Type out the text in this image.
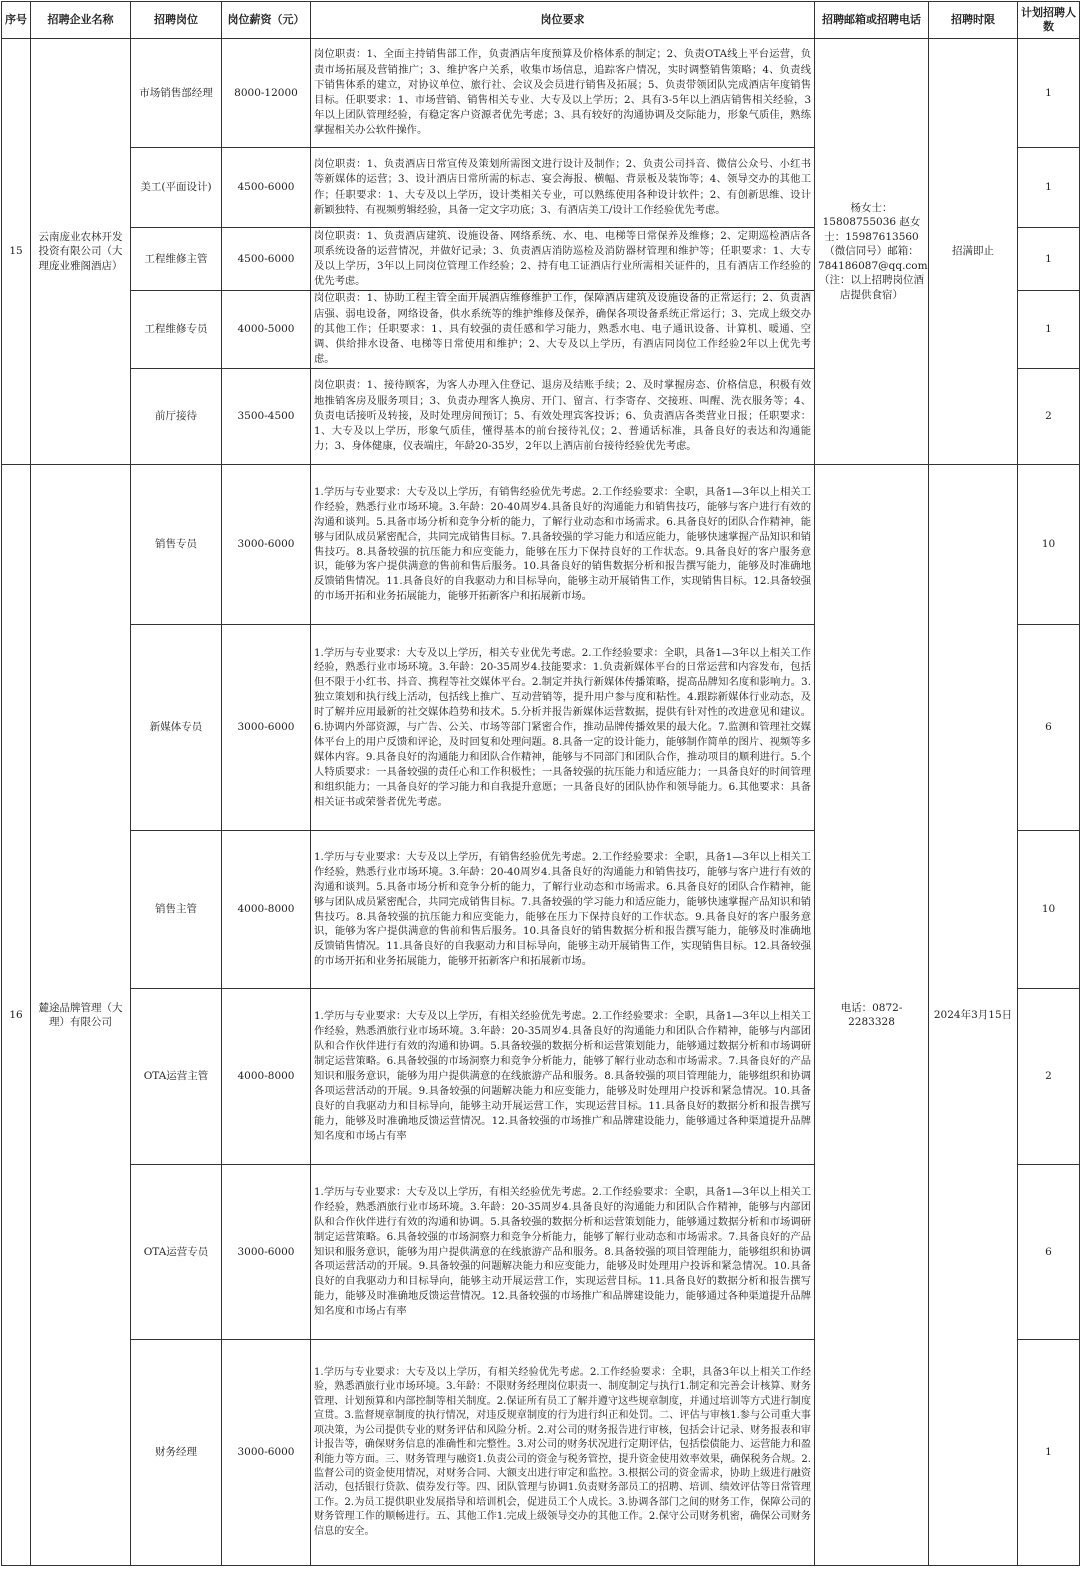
序号	招聘企业名称	招聘岗位	岗位薪资（元）	岗位要求	招聘邮箱或招聘电话	招聘时限	计划招聘人数
15	云南庞业农林开发投资有限公司（大理庞业雅阁酒店）	市场销售部经理	8000-12000	岗位职责：1、全面主持销售部工作，负责酒店年度预算及价格体系的制定；2、负责OTA线上平台运营，负责市场拓展及营销推广；3、维护客户关系，收集市场信息，追踪客户情况，实时调整销售策略；4、负责线下销售体系的建立，对协议单位、旅行社、会议及会员进行销售及拓展；5、负责带领团队完成酒店年度销售目标。任职要求：1、市场营销、销售相关专业、大专及以上学历；2、具有3-5年以上酒店销售相关经验，3年以上团队管理经验，有稳定客户资源者优先考虑；3、具有较好的沟通协调及交际能力，形象气质佳，熟练掌握相关办公软件操作。	杨女士：15808755036 赵女士：15987613560（微信同号）邮箱：784186087@qq.com （注：以上招聘岗位酒店提供食宿）	招满即止	1
		美工(平面设计)	4500-6000	岗位职责：1、负责酒店日常宣传及策划所需图文进行设计及制作；2、负责公司抖音、微信公众号、小红书等新媒体的运营；3、设计酒店日常所需的标志、宴会海报、横幅、背景板及装饰等；4、领导交办的其他工作；任职要求：1、大专及以上学历，设计类相关专业，可以熟练使用各种设计软件；2、有创新思维、设计新颖独特、有视频剪辑经验，具备一定文字功底；3、有酒店美工/设计工作经验优先考虑。			1
		工程维修主管	4500-6000	岗位职责：1、负责酒店建筑、设施设备、网络系统、水、电、电梯等日常保养及维修；2、定期巡检酒店各项系统设备的运营情况，并做好记录；3、负责酒店消防巡检及消防器材管理和维护等；任职要求：1、大专及以上学历，3年以上同岗位管理工作经验；2、持有电工证酒店行业所需相关证件的，且有酒店工作经验的优先考虑。			1
		工程维修专员	4000-5000	岗位职责：1、协助工程主管全面开展酒店维修维护工作，保障酒店建筑及设施设备的正常运行；2、负责酒店强、弱电设备，网络设备，供水系统等的维护维修及保养，确保各项设备系统正常运行；3、完成上级交办的其他工作；任职要求：1、具有较强的责任感和学习能力，熟悉水电、电子通讯设备、计算机、暖通、空调、供给排水设备、电梯等日常使用和维护；2、大专及以上学历，有酒店同岗位工作经验2年以上优先考虑。			1
		前厅接待	3500-4500	岗位职责：1、接待顾客，为客人办理入住登记、退房及结账手续；2、及时掌握房态、价格信息，积极有效地推销客房及服务项目；3、负责办理客人换房、开门、留言、行李寄存、交接班、叫醒、洗衣服务等；4、负责电话接听及转接，及时处理房间预订；5、有效处理宾客投诉；6、负责酒店各类营业日报；任职要求：1、大专及以上学历，形象气质佳，懂得基本的前台接待礼仪；2、普通话标准，具备良好的表达和沟通能力；3、身体健康，仪表端庄，年龄20-35岁，2年以上酒店前台接待经验优先考虑。			2
16	麓途品牌管理（大理）有限公司	销售专员	3000-6000	1.学历与专业要求：大专及以上学历，有销售经验优先考虑。2.工作经验要求：全职，具备1—3年以上相关工作经验，熟悉行业市场环境。3.年龄：20-40周岁4.具备良好的沟通能力和销售技巧，能够与客户进行有效的沟通和谈判。5.具备市场分析和竞争分析的能力，了解行业动态和市场需求。6.具备良好的团队合作精神，能够与团队成员紧密配合，共同完成销售目标。7.具备较强的学习能力和适应能力，能够快速掌握产品知识和销售技巧。8.具备较强的抗压能力和应变能力，能够在压力下保持良好的工作状态。9.具备良好的客户服务意识，能够为客户提供满意的售前和售后服务。10.具备良好的销售数据分析和报告撰写能力，能够及时准确地反馈销售情况。11.具备良好的自我驱动力和目标导向，能够主动开展销售工作，实现销售目标。12.具备较强的市场开拓和业务拓展能力，能够开拓新客户和拓展新市场。	电话：0872-2283328	2024年3月15日	10
		新媒体专员	3000-6000	1.学历与专业要求：大专及以上学历，相关专业优先考虑。2.工作经验要求：全职，具备1—3年以上相关工作经验，熟悉行业市场环境。3.年龄：20-35周岁4.技能要求：1.负责新媒体平台的日常运营和内容发布，包括但不限于小红书、抖音、携程等社交媒体平台。2.制定并执行新媒体传播策略，提高品牌知名度和影响力。3.独立策划和执行线上活动，包括线上推广、互动营销等，提升用户参与度和粘性。4.跟踪新媒体行业动态，及时了解并应用最新的社交媒体趋势和技术。5.分析并报告新媒体运营数据，提供有针对性的改进意见和建议。6.协调内外部资源，与广告、公关、市场等部门紧密合作，推动品牌传播效果的最大化。7.监测和管理社交媒体平台上的用户反馈和评论，及时回复和处理问题。8.具备一定的设计能力，能够制作简单的图片、视频等多媒体内容。9.具备良好的沟通能力和团队合作精神，能够与不同部门和团队合作，推动项目的顺利进行。5.个人特质要求：一具备较强的责任心和工作积极性；一具备较强的抗压能力和适应能力；一具备良好的时间管理和组织能力；一具备良好的学习能力和自我提升意愿；一具备良好的团队协作和领导能力。6.其他要求：具备相关证书或荣誉者优先考虑。			6
		销售主管	4000-8000	1.学历与专业要求：大专及以上学历，有销售经验优先考虑。2.工作经验要求：全职，具备1—3年以上相关工作经验，熟悉行业市场环境。3.年龄：20-40周岁4.具备良好的沟通能力和销售技巧，能够与客户进行有效的沟通和谈判。5.具备市场分析和竞争分析的能力，了解行业动态和市场需求。6.具备良好的团队合作精神，能够与团队成员紧密配合，共同完成销售目标。7.具备较强的学习能力和适应能力，能够快速掌握产品知识和销售技巧。8.具备较强的抗压能力和应变能力，能够在压力下保持良好的工作状态。9.具备良好的客户服务意识，能够为客户提供满意的售前和售后服务。10.具备良好的销售数据分析和报告撰写能力，能够及时准确地反馈销售情况。11.具备良好的自我驱动力和目标导向，能够主动开展销售工作，实现销售目标。12.具备较强的市场开拓和业务拓展能力，能够开拓新客户和拓展新市场。			10
		OTA运营主管	4000-8000	1.学历与专业要求：大专及以上学历，有相关经验优先考虑。2.工作经验要求：全职，具备1—3年以上相关工作经验，熟悉酒旅行业市场环境。3.年龄：20-35周岁4.具备良好的沟通能力和团队合作精神，能够与内部团队和合作伙伴进行有效的沟通和协调。5.具备较强的数据分析和运营策划能力，能够通过数据分析和市场调研制定运营策略。6.具备较强的市场洞察力和竞争分析能力，能够了解行业动态和市场需求。7.具备良好的产品知识和服务意识，能够为用户提供满意的在线旅游产品和服务。8.具备较强的项目管理能力，能够组织和协调各项运营活动的开展。9.具备较强的问题解决能力和应变能力，能够及时处理用户投诉和紧急情况。10.具备良好的自我驱动力和目标导向，能够主动开展运营工作，实现运营目标。11.具备良好的数据分析和报告撰写能力，能够及时准确地反馈运营情况。12.具备较强的市场推广和品牌建设能力，能够通过各种渠道提升品牌知名度和市场占有率			2
		OTA运营专员	3000-6000	1.学历与专业要求：大专及以上学历，有相关经验优先考虑。2.工作经验要求：全职，具备1—3年以上相关工作经验，熟悉酒旅行业市场环境。3.年龄：20-35周岁4.具备良好的沟通能力和团队合作精神，能够与内部团队和合作伙伴进行有效的沟通和协调。5.具备较强的数据分析和运营策划能力，能够通过数据分析和市场调研制定运营策略。6.具备较强的市场洞察力和竞争分析能力，能够了解行业动态和市场需求。7.具备良好的产品知识和服务意识，能够为用户提供满意的在线旅游产品和服务。8.具备较强的项目管理能力，能够组织和协调各项运营活动的开展。9.具备较强的问题解决能力和应变能力，能够及时处理用户投诉和紧急情况。10.具备良好的自我驱动力和目标导向，能够主动开展运营工作，实现运营目标。11.具备良好的数据分析和报告撰写能力，能够及时准确地反馈运营情况。12.具备较强的市场推广和品牌建设能力，能够通过各种渠道提升品牌知名度和市场占有率			6
		财务经理	3000-6000	1.学历与专业要求：大专及以上学历，有相关经验优先考虑。2.工作经验要求：全职，具备3年以上相关工作经验，熟悉酒旅行业市场环境。3.年龄：不限财务经理岗位职责一、制度制定与执行1.制定和完善会计核算、财务管理、计划预算和内部控制等相关制度。2.保证所有员工了解并遵守这些规章制度，并通过培训等方式进行制度宣贯。3.监督规章制度的执行情况，对违反规章制度的行为进行纠正和处罚。二、评估与审核1.参与公司重大事项决策，为公司提供专业的财务评估和风险分析。2.对公司的财务报告进行审核，包括会计记录、财务报表和审计报告等，确保财务信息的准确性和完整性。3.对公司的财务状况进行定期评估，包括偿债能力、运营能力和盈利能力等方面。三、财务管理与融资1.负责公司的资金与税务管控，提升资金使用效率效果，确保税务合规。2.监督公司的资金使用情况，对财务合同、大额支出进行审定和监控。3.根据公司的资金需求，协助上级进行融资活动，包括银行贷款、债券发行等。四、团队管理与协调1.负责财务部员工的招聘、培训、绩效评估等日常管理工作。2.为员工提供职业发展指导和培训机会，促进员工个人成长。3.协调各部门之间的财务工作，保障公司的财务管理工作的顺畅进行。五、其他工作1.完成上级领导交办的其他工作。2.保守公司财务机密，确保公司财务信息的安全。			1
